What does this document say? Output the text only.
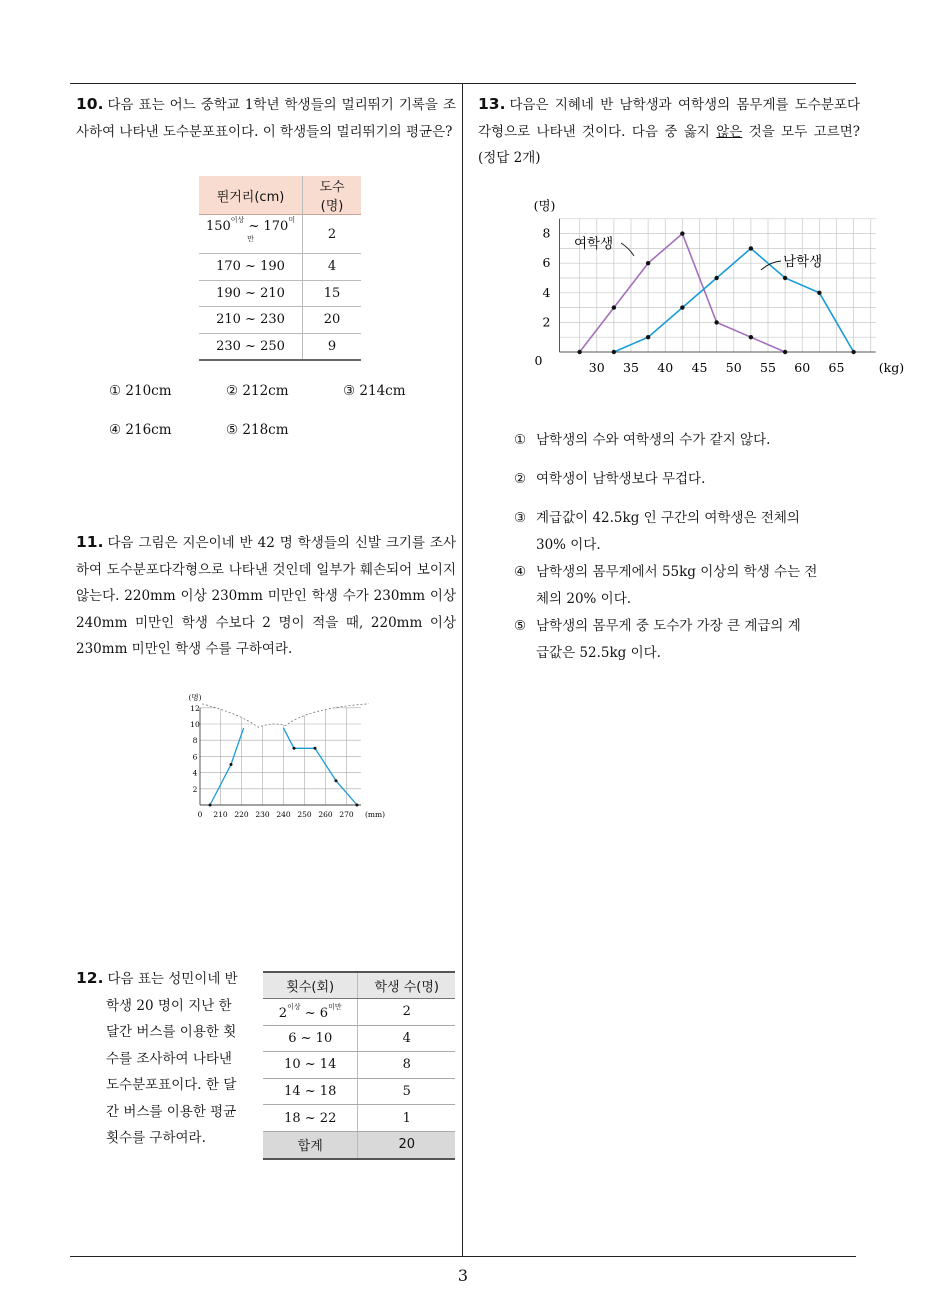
3
10. 다음 표는 어느 중학교 1학년 학생들의 멀리뛰기 기록을 조사하여 나타낸 도수분포표이다. 이 학생들의 멀리뛰기의 평균은?
뛴거리(cm)	도수(명)
$150^{이상}$ ~ $170^{미만}$	2
170 ~ 190	4
190 ~ 210	15
210 ~ 230	20
230 ~ 250	9
① 210cm	② 212cm	③ 214cm
④ 216cm	⑤ 218cm
11. 다음 그림은 지은이네 반 42 명 학생들의 신발 크기를 조사하여 도수분포다각형으로 나타낸 것인데 일부가 훼손되어 보이지 않는다. 220mm 이상 230mm 미만인 학생 수가 230mm 이상 240mm 미만인 학생 수보다 2 명이 적을 때, 220mm 이상 230mm 미만인 학생 수를 구하여라.
0 210 220 230 240 250 260 270
2
4
6
8
10
12
(명)
(mm)
12. 다음 표는 성민이네 반
학생 20 명이 지난 한
달간 버스를 이용한 횟
수를 조사하여 나타낸
도수분포표이다. 한 달
간 버스를 이용한 평균
횟수를 구하여라.
횟수(회)	학생 수(명)
$2^{이상}$ ~ $6^{미만}$	2
6 ~ 10	4
10 ~ 14	8
14 ~ 18	5
18 ~ 22	1
합계	20
13. 다음은 지혜네 반 남학생과 여학생의 몸무게를 도수분포다각형으로 나타낸 것이다. 다음 중 옳지 않은 것을 모두 고르면? (정답 2개)
30 35 40 45 50 55 60 65
2
4
6
8
0
(명)
(kg)
여학생
남학생
① 남학생의 수와 여학생의 수가 같지 않다.
② 여학생이 남학생보다 무겁다.
③ 계급값이 42.5kg 인 구간의 여학생은 전체의
30% 이다.
④ 남학생의 몸무게에서 55kg 이상의 학생 수는 전
체의 20% 이다.
⑤ 남학생의 몸무게 중 도수가 가장 큰 계급의 계
급값은 52.5kg 이다.
